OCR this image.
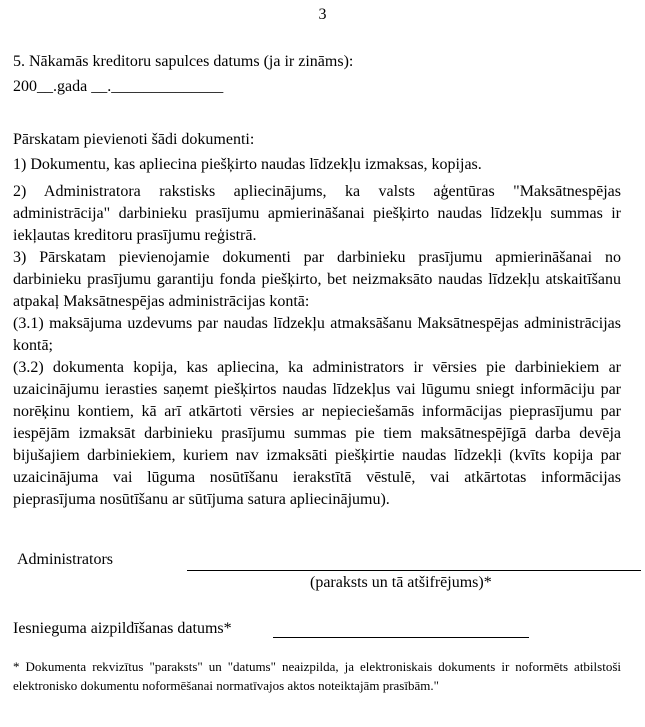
3

5. Nākamās kreditoru sapulces datums (ja ir zināms):

200__.gada __.______________

Pārskatam pievienoti šādi dokumenti:

1) Dokumentu, kas apliecina piešķirto naudas līdzekļu izmaksas, kopijas.

2) Administratora rakstisks apliecinājums, ka valsts aģentūras "Maksātnespējas administrācija" darbinieku prasījumu apmierināšanai piešķirto naudas līdzekļu summas ir iekļautas kreditoru prasījumu reģistrā.

3) Pārskatam pievienojamie dokumenti par darbinieku prasījumu apmierināšanai no darbinieku prasījumu garantiju fonda piešķirto, bet neizmaksāto naudas līdzekļu atskaitīšanu atpakaļ Maksātnespējas administrācijas kontā:

(3.1) maksājuma uzdevums par naudas līdzekļu atmaksāšanu Maksātnespējas administrācijas kontā;

(3.2) dokumenta kopija, kas apliecina, ka administrators ir vērsies pie darbiniekiem ar uzaicinājumu ierasties saņemt piešķirtos naudas līdzekļus vai lūgumu sniegt informāciju par norēķinu kontiem, kā arī atkārtoti vērsies ar nepieciešamās informācijas pieprasījumu par iespējām izmaksāt darbinieku prasījumu summas pie tiem maksātnespējīgā darba devēja bijušajiem darbiniekiem, kuriem nav izmaksāti piešķirtie naudas līdzekļi (kvīts kopija par uzaicinājuma vai lūguma nosūtīšanu ierakstītā vēstulē, vai atkārtotas informācijas pieprasījuma nosūtīšanu ar sūtījuma satura apliecinājumu).

Administrators

(paraksts un tā atšifrējums)*

Iesnieguma aizpildīšanas datums*

* Dokumenta rekvizītus "paraksts" un "datums" neaizpilda, ja elektroniskais dokuments ir noformēts atbilstoši elektronisko dokumentu noformēšanai normatīvajos aktos noteiktajām prasībām."
